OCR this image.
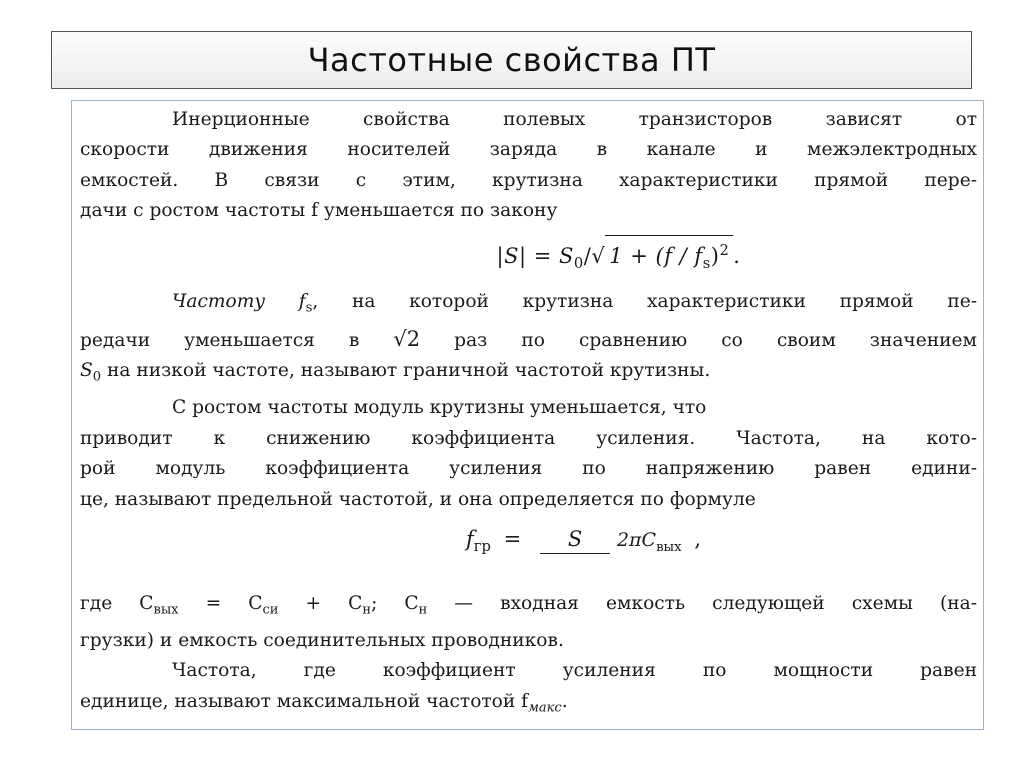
Частотные свойства ПТ
Инерционные свойства полевых транзисторов зависят от
скорости движения носителей заряда в канале и межэлектродных
емкостей. В связи с этим, крутизна характеристики прямой пере-
дачи с ростом частоты f уменьшается по закону
$|S| = S_0/√$ $1 + (f / f_s)^2$.
Частоту $f_s$, на которой крутизна характеристики прямой пе-
редачи уменьшается в √2 раз по сравнению со своим значением
$S_0$ на низкой частоте, называют граничной частотой крутизны.
С ростом частоты модуль крутизны уменьшается, что
приводит к снижению коэффициента усиления. Частота, на кото-
рой модуль коэффициента усиления по напряжению равен едини-
це, называют предельной частотой, и она определяется по формуле
$f_{гр} = S$ $2\pi C_{вых}$ ,
где $C_{вых} = C_{си} + C_н$; $C_н$ — входная емкость следующей схемы (на-
грузки) и емкость соединительных проводников.
Частота, где коэффициент усиления по мощности равен
единице, называют максимальной частотой $f_{макс}$.
